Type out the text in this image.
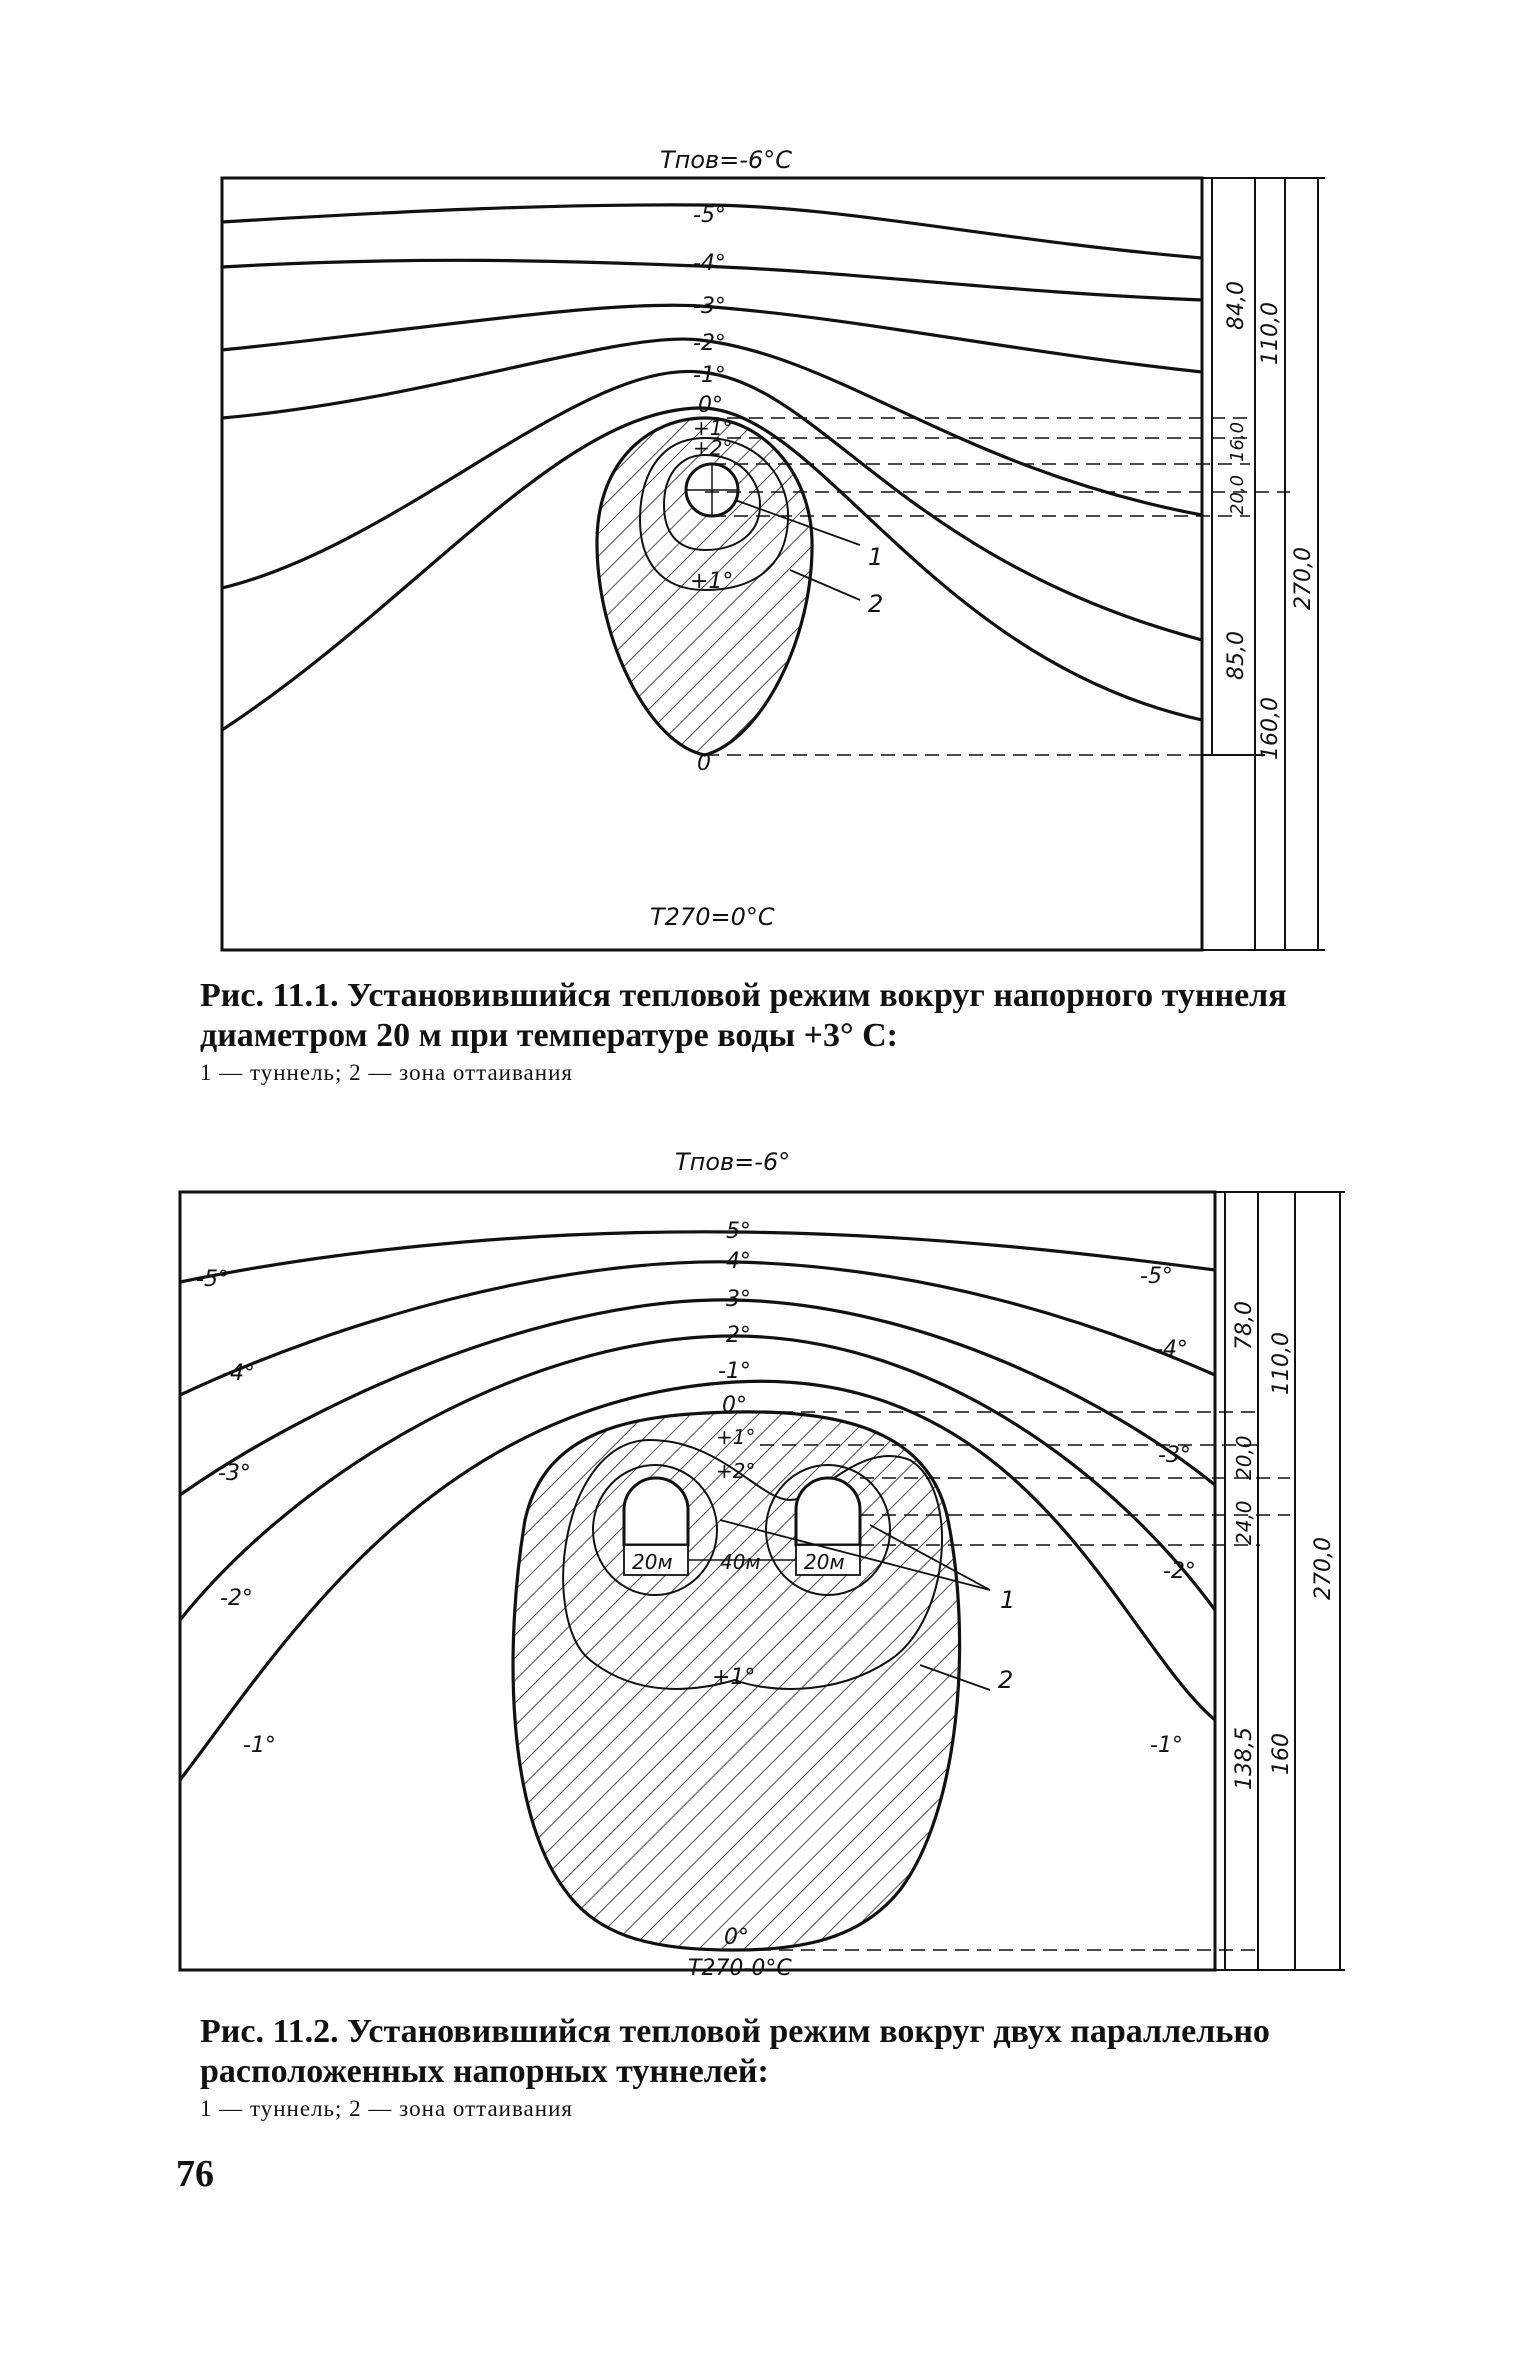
Tпов=-6°C
T270=0°C
-5°
-4°
-3°
-2°
-1°
0°
+1°
+2°
+1°
0
1
2
84,0 110,0
16,0
20,0
270,0
85,0
160,0
Tпов=-6°
T270-0°C
-5°
-4°
-3°
-2°
-1°
0°
+1°
+2°
+1°
0°
-5°
-4°
-3°
-2°
-1°
-5°
-4°
-3°
-2°
-1°
20м 40м 20м
1
2
78,0
110,0
20,0
24,0
270,0
138,5 160
Рис. 11.1. Установившийся тепловой режим вокруг напорного туннеля диаметром 20 м при температуре воды +3° С:
1 — туннель; 2 — зона оттаивания
Рис. 11.2. Установившийся тепловой режим вокруг двух параллельно расположенных напорных туннелей:
1 — туннель; 2 — зона оттаивания
76
